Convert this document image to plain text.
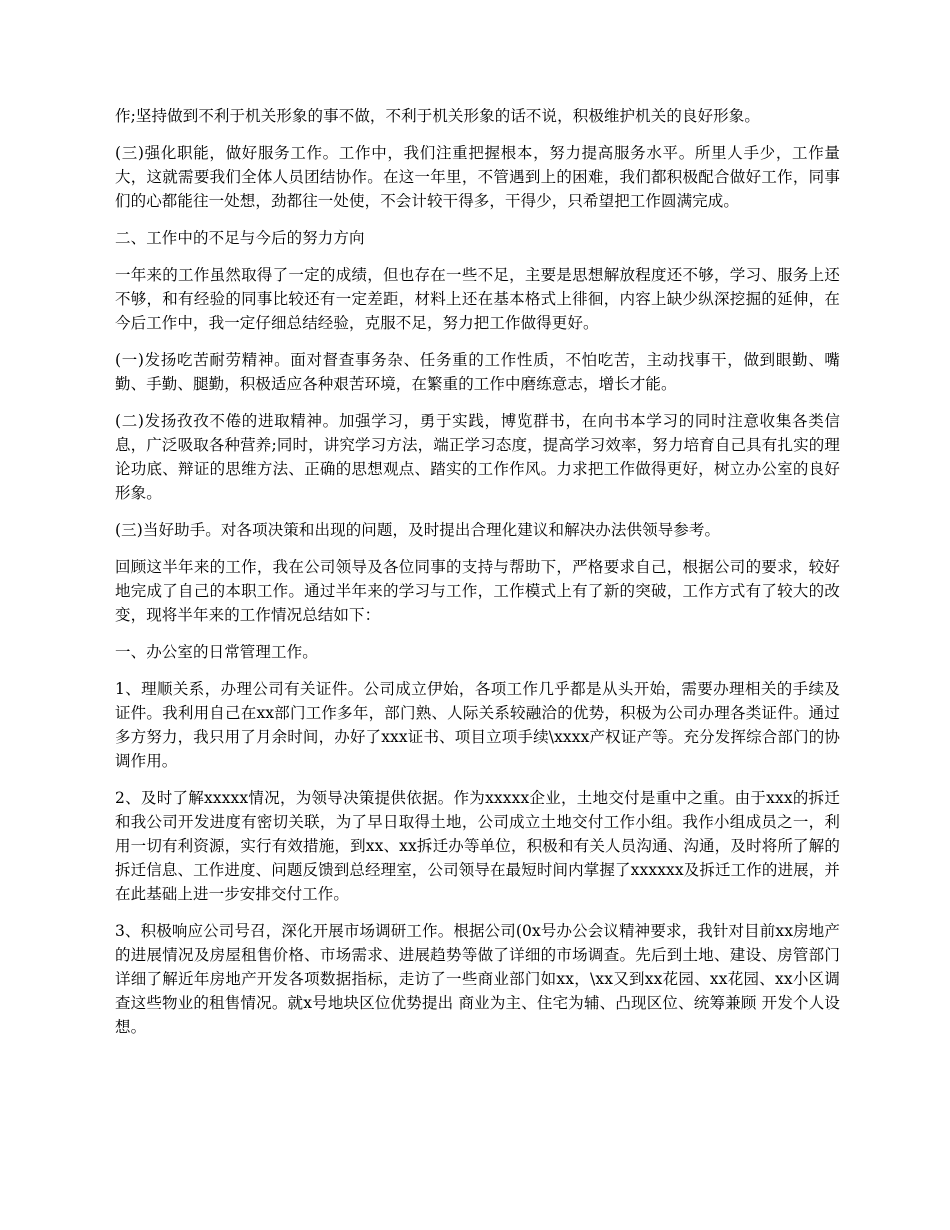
作;坚持做到不利于机关形象的事不做，不利于机关形象的话不说，积极维护机关的良好形象。

(三)强化职能，做好服务工作。工作中，我们注重把握根本，努力提高服务水平。所里人手少，工作量大，这就需要我们全体人员团结协作。在这一年里，不管遇到上的困难，我们都积极配合做好工作，同事们的心都能往一处想，劲都往一处使，不会计较干得多，干得少，只希望把工作圆满完成。

二、工作中的不足与今后的努力方向

一年来的工作虽然取得了一定的成绩，但也存在一些不足，主要是思想解放程度还不够，学习、服务上还不够，和有经验的同事比较还有一定差距，材料上还在基本格式上徘徊，内容上缺少纵深挖掘的延伸，在今后工作中，我一定仔细总结经验，克服不足，努力把工作做得更好。

(一)发扬吃苦耐劳精神。面对督查事务杂、任务重的工作性质，不怕吃苦，主动找事干，做到眼勤、嘴勤、手勤、腿勤，积极适应各种艰苦环境，在繁重的工作中磨练意志，增长才能。

(二)发扬孜孜不倦的进取精神。加强学习，勇于实践，博览群书，在向书本学习的同时注意收集各类信息，广泛吸取各种营养;同时，讲究学习方法，端正学习态度，提高学习效率，努力培育自己具有扎实的理论功底、辩证的思维方法、正确的思想观点、踏实的工作作风。力求把工作做得更好，树立办公室的良好形象。

(三)当好助手。对各项决策和出现的问题，及时提出合理化建议和解决办法供领导参考。

回顾这半年来的工作，我在公司领导及各位同事的支持与帮助下，严格要求自己，根据公司的要求，较好地完成了自己的本职工作。通过半年来的学习与工作，工作模式上有了新的突破，工作方式有了较大的改变，现将半年来的工作情况总结如下：

一、办公室的日常管理工作。

1、理顺关系，办理公司有关证件。公司成立伊始，各项工作几乎都是从头开始，需要办理相关的手续及证件。我利用自己在xx部门工作多年，部门熟、人际关系较融洽的优势，积极为公司办理各类证件。通过多方努力，我只用了月余时间，办好了xxx证书、项目立项手续\xxxx产权证产等。充分发挥综合部门的协调作用。

2、及时了解xxxxx情况，为领导决策提供依据。作为xxxxx企业，土地交付是重中之重。由于xxx的拆迁和我公司开发进度有密切关联，为了早日取得土地，公司成立土地交付工作小组。我作小组成员之一，利用一切有利资源，实行有效措施，到xx、xx拆迁办等单位，积极和有关人员沟通、沟通，及时将所了解的拆迁信息、工作进度、问题反馈到总经理室，公司领导在最短时间内掌握了xxxxxx及拆迁工作的进展，并在此基础上进一步安排交付工作。

3、积极响应公司号召，深化开展市场调研工作。根据公司(0x号办公会议精神要求，我针对目前xx房地产的进展情况及房屋租售价格、市场需求、进展趋势等做了详细的市场调查。先后到土地、建设、房管部门详细了解近年房地产开发各项数据指标，走访了一些商业部门如xx，\xx又到xx花园、xx花园、xx小区调查这些物业的租售情况。就x号地块区位优势提出 商业为主、住宅为辅、凸现区位、统筹兼顾 开发个人设想。
